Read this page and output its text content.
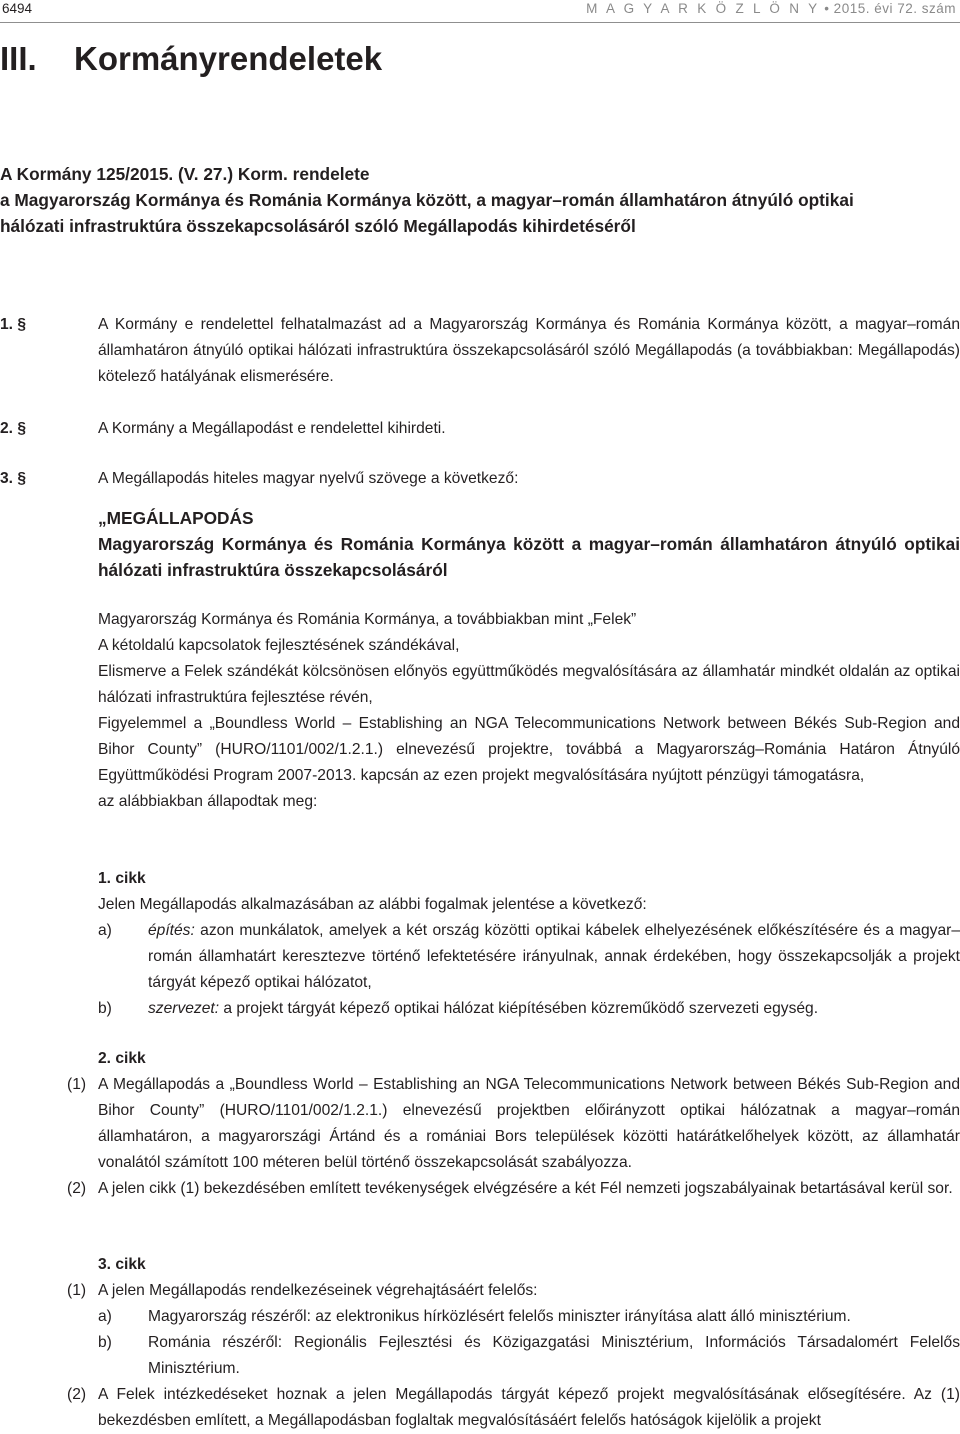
6494	M A G Y A R K Ö Z L Ö N Y • 2015. évi 72. szám
III. Kormányrendeletek
A Kormány 125/2015. (V. 27.) Korm. rendelete
a Magyarország Kormánya és Románia Kormánya között, a magyar–román államhatáron átnyúló optikai
hálózati infrastruktúra összekapcsolásáról szóló Megállapodás kihirdetéséről
1. §	A Kormány e rendelettel felhatalmazást ad a Magyarország Kormánya és Románia Kormánya között, a magyar–román államhatáron átnyúló optikai hálózati infrastruktúra összekapcsolásáról szóló Megállapodás (a továbbiakban: Megállapodás) kötelező hatályának elismerésére.
2. §	A Kormány a Megállapodást e rendelettel kihirdeti.
3. §	A Megállapodás hiteles magyar nyelvű szövege a következő:
„MEGÁLLAPODÁS
Magyarország Kormánya és Románia Kormánya között a magyar–román államhatáron átnyúló optikai hálózati infrastruktúra összekapcsolásáról
Magyarország Kormánya és Románia Kormánya, a továbbiakban mint „Felek”
A kétoldalú kapcsolatok fejlesztésének szándékával,
Elismerve a Felek szándékát kölcsönösen előnyös együttműködés megvalósítására az államhatár mindkét oldalán az optikai hálózati infrastruktúra fejlesztése révén,
Figyelemmel a „Boundless World – Establishing an NGA Telecommunications Network between Békés Sub-Region and Bihor County” (HURO/1101/002/1.2.1.) elnevezésű projektre, továbbá a Magyarország–Románia Határon Átnyúló Együttműködési Program 2007-2013. kapcsán az ezen projekt megvalósítására nyújtott pénzügyi támogatásra,
az alábbiakban állapodtak meg:
1. cikk
Jelen Megállapodás alkalmazásában az alábbi fogalmak jelentése a következő:
a) építés: azon munkálatok, amelyek a két ország közötti optikai kábelek elhelyezésének előkészítésére és a magyar–román államhatárt keresztezve történő lefektetésére irányulnak, annak érdekében, hogy összekapcsolják a projekt tárgyát képező optikai hálózatot,
b) szervezet: a projekt tárgyát képező optikai hálózat kiépítésében közreműködő szervezeti egység.
2. cikk
(1) A Megállapodás a „Boundless World – Establishing an NGA Telecommunications Network between Békés Sub-Region and Bihor County” (HURO/1101/002/1.2.1.) elnevezésű projektben előirányzott optikai hálózatnak a magyar–román államhatáron, a magyarországi Ártánd és a romániai Bors települések közötti határátkelőhelyek között, az államhatár vonalától számított 100 méteren belül történő összekapcsolását szabályozza.
(2) A jelen cikk (1) bekezdésében említett tevékenységek elvégzésére a két Fél nemzeti jogszabályainak betartásával kerül sor.
3. cikk
(1) A jelen Megállapodás rendelkezéseinek végrehajtásáért felelős:
a) Magyarország részéről: az elektronikus hírközlésért felelős miniszter irányítása alatt álló minisztérium.
b) Románia részéről: Regionális Fejlesztési és Közigazgatási Minisztérium, Információs Társadalomért Felelős Minisztérium.
(2) A Felek intézkedéseket hoznak a jelen Megállapodás tárgyát képező projekt megvalósításának elősegítésére. Az (1) bekezdésben említett, a Megállapodásban foglaltak megvalósításáért felelős hatóságok kijelölik a projekt
